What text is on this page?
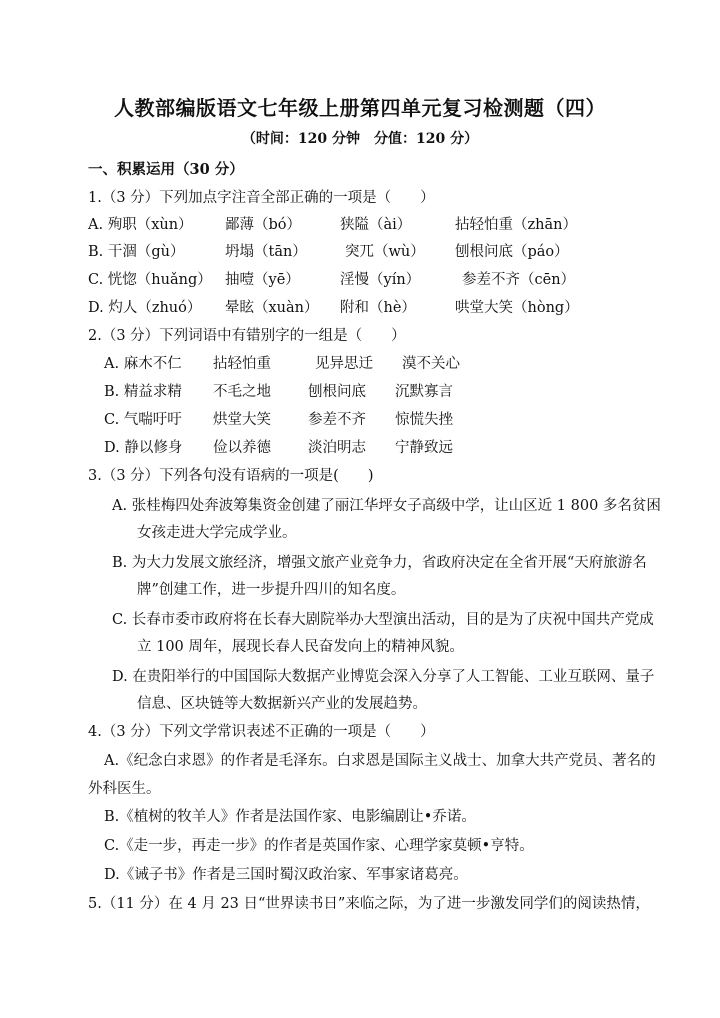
人教部编版语文七年级上册第四单元复习检测题（四）
（时间：120 分钟　分值：120 分）
一、积累运用（30 分）
1.（3 分）下列加点字注音全部正确的一项是（　　）
A. 殉职（xùn） 鄙薄（bó）	狭隘（ài）	拈轻怕重（zhān）
B. 干涸（gù）	坍塌（tān）	突兀（wù） 刨根问底（páo）
C. 恍惚（huǎng） 抽噎（yē）	淫慢（yín）	参差不齐（cēn）
D. 灼人（zhuó） 晕眩（xuàn） 附和（hè）	哄堂大笑（hòng）
2.（3 分）下列词语中有错别字的一组是（　　）
A. 麻木不仁 拈轻怕重	见异思迁 漠不关心
B. 精益求精 不毛之地	刨根问底 沉默寡言
C. 气喘吁吁 烘堂大笑	参差不齐 惊慌失挫
D. 静以修身 俭以养德	淡泊明志 宁静致远
3.（3 分）下列各句没有语病的一项是(　　)
A. 张桂梅四处奔波筹集资金创建了丽江华坪女子高级中学，让山区近 1 800 多名贫困
女孩走进大学完成学业。
B. 为大力发展文旅经济，增强文旅产业竞争力，省政府决定在全省开展“天府旅游名
牌”创建工作，进一步提升四川的知名度。
C. 长春市委市政府将在长春大剧院举办大型演出活动，目的是为了庆祝中国共产党成
立 100 周年，展现长春人民奋发向上的精神风貌。
D. 在贵阳举行的中国国际大数据产业博览会深入分享了人工智能、工业互联网、量子
信息、区块链等大数据新兴产业的发展趋势。
4.（3 分）下列文学常识表述不正确的一项是（　　）
A.《纪念白求恩》的作者是毛泽东。白求恩是国际主义战士、加拿大共产党员、著名的
外科医生。
B.《植树的牧羊人》作者是法国作家、电影编剧让•乔诺。
C.《走一步，再走一步》的作者是英国作家、心理学家莫顿•亨特。
D.《诫子书》作者是三国时蜀汉政治家、军事家诸葛亮。
5.（11 分）在 4 月 23 日“世界读书日”来临之际，为了进一步激发同学们的阅读热情，
